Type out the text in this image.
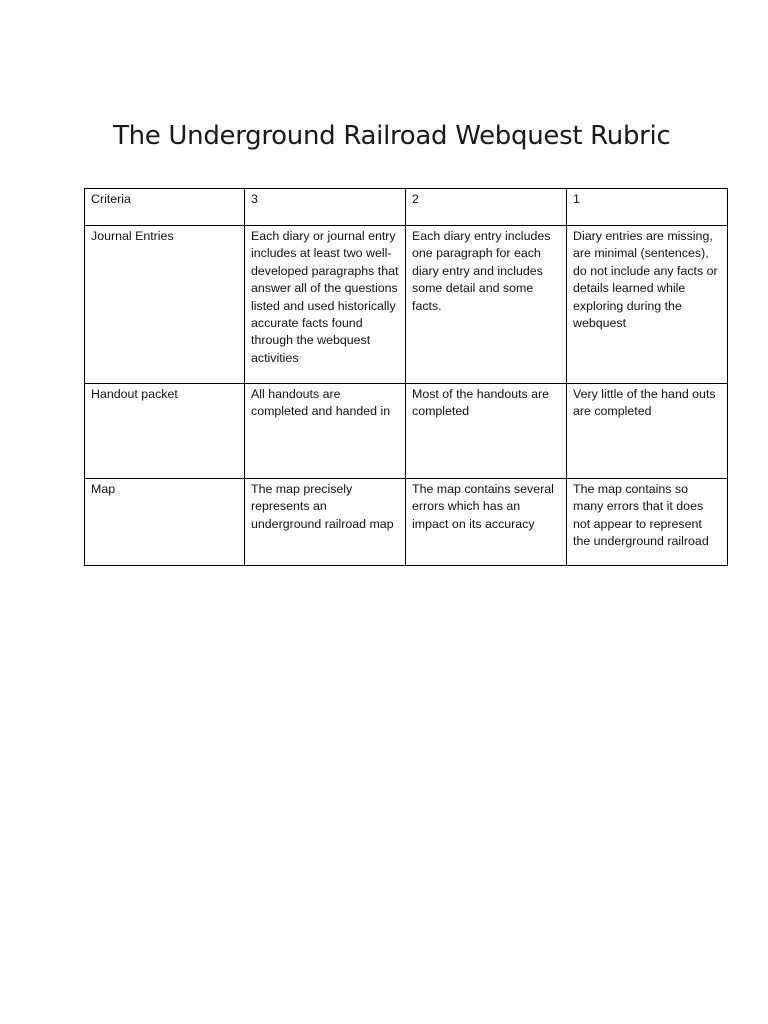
The Underground Railroad Webquest Rubric
Criteria	3	2	1

Journal Entries	Each diary or journal entry includes at least two well-developed paragraphs that answer all of the questions listed and used historically accurate facts found through the webquest activities	Each diary entry includes one paragraph for each diary entry and includes some detail and some facts.	Diary entries are missing, are minimal (sentences), do not include any facts or details learned while exploring during the webquest

Handout packet	All handouts are completed and handed in	Most of the handouts are completed	Very little of the hand outs are completed

Map	The map precisely represents an underground railroad map	The map contains several errors which has an impact on its accuracy	The map contains so many errors that it does not appear to represent the underground railroad
